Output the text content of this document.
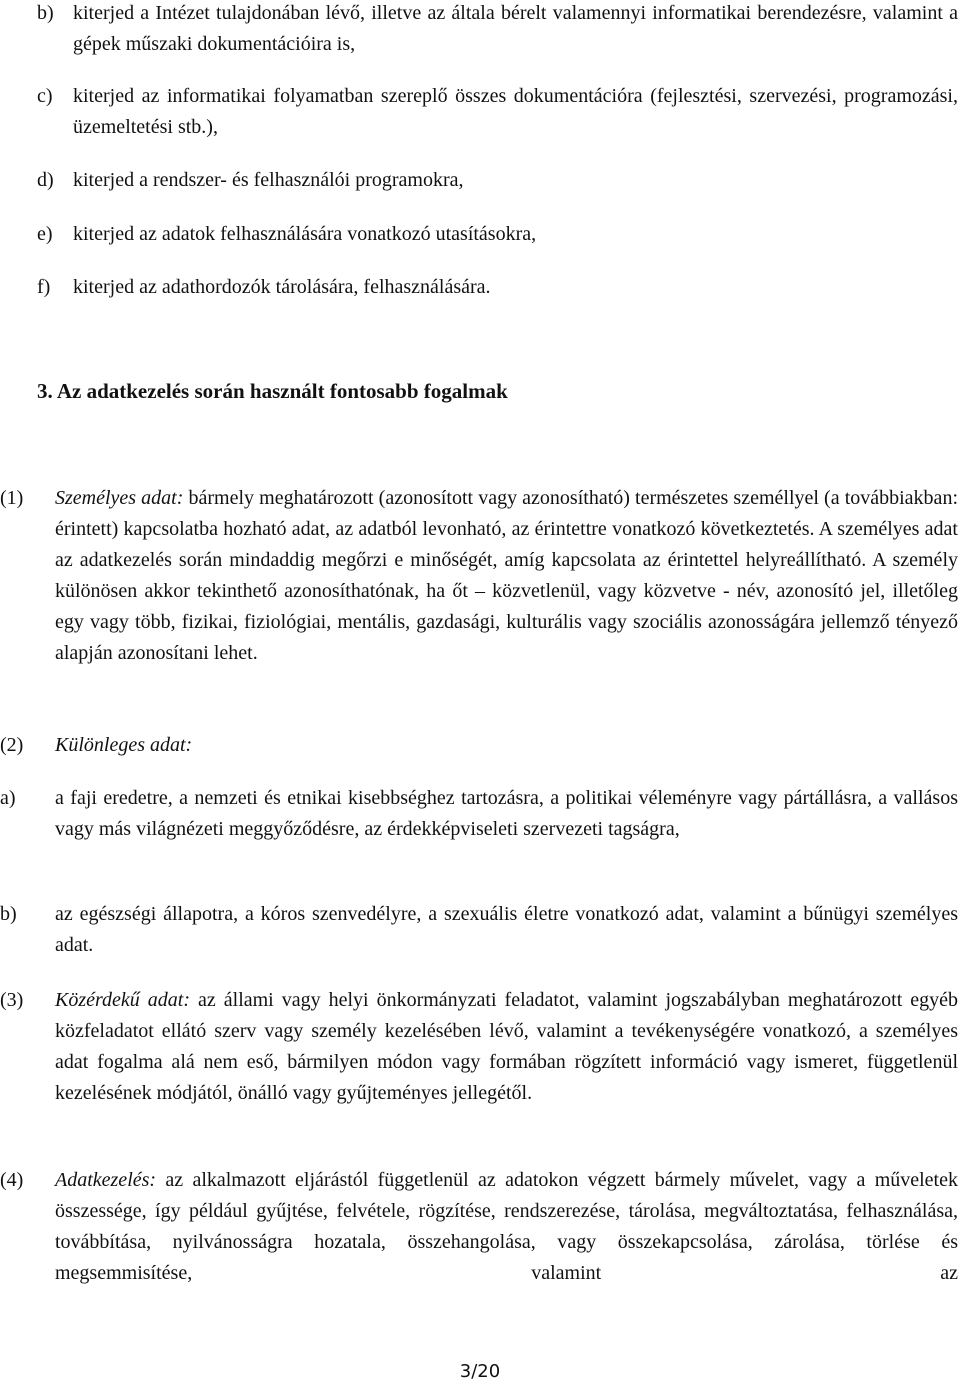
b) kiterjed a Intézet tulajdonában lévő, illetve az általa bérelt valamennyi informatikai berendezésre, valamint a gépek műszaki dokumentációira is,
c) kiterjed az informatikai folyamatban szereplő összes dokumentációra (fejlesztési, szervezési, programozási, üzemeltetési stb.),
d) kiterjed a rendszer- és felhasználói programokra,
e) kiterjed az adatok felhasználására vonatkozó utasításokra,
f) kiterjed az adathordozók tárolására, felhasználására.
3. Az adatkezelés során használt fontosabb fogalmak
(1) Személyes adat: bármely meghatározott (azonosított vagy azonosítható) természetes személlyel (a továbbiakban: érintett) kapcsolatba hozható adat, az adatból levonható, az érintettre vonatkozó következtetés. A személyes adat az adatkezelés során mindaddig megőrzi e minőségét, amíg kapcsolata az érintettel helyreállítható. A személy különösen akkor tekinthető azonosíthatónak, ha őt – közvetlenül, vagy közvetve - név, azonosító jel, illetőleg egy vagy több, fizikai, fiziológiai, mentális, gazdasági, kulturális vagy szociális azonosságára jellemző tényező alapján azonosítani lehet.
(2) Különleges adat:
a) a faji eredetre, a nemzeti és etnikai kisebbséghez tartozásra, a politikai véleményre vagy pártállásra, a vallásos vagy más világnézeti meggyőződésre, az érdekképviseleti szervezeti tagságra,
b) az egészségi állapotra, a kóros szenvedélyre, a szexuális életre vonatkozó adat, valamint a bűnügyi személyes adat.
(3) Közérdekű adat: az állami vagy helyi önkormányzati feladatot, valamint jogszabályban meghatározott egyéb közfeladatot ellátó szerv vagy személy kezelésében lévő, valamint a tevékenységére vonatkozó, a személyes adat fogalma alá nem eső, bármilyen módon vagy formában rögzített információ vagy ismeret, függetlenül kezelésének módjától, önálló vagy gyűjteményes jellegétől.
(4) Adatkezelés: az alkalmazott eljárástól függetlenül az adatokon végzett bármely művelet, vagy a műveletek összessége, így például gyűjtése, felvétele, rögzítése, rendszerezése, tárolása, megváltoztatása, felhasználása, továbbítása, nyilvánosságra hozatala, összehangolása, vagy összekapcsolása, zárolása, törlése és megsemmisítése, valamint az
3/20
